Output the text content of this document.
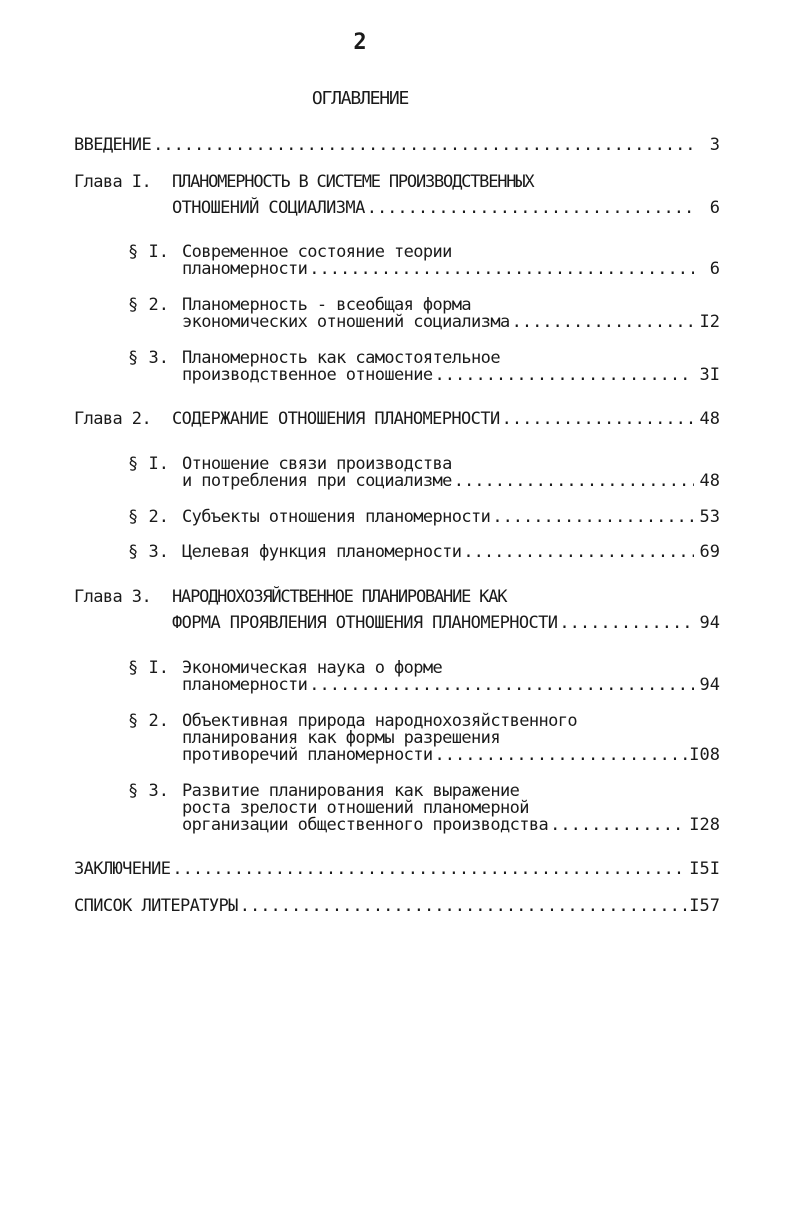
2
ОГЛАВЛЕНИЕ
ВВЕДЕНИЕ .....	3
Глава I. ПЛАНОМЕРНОСТЬ В СИСТЕМЕ ПРОИЗВОДСТВЕННЫХ
ОТНОШЕНИЙ СОЦИАЛИЗМА .....	6
§ I. Современное состояние теории
планомерности .....	6
§ 2. Планомерность - всеобщая форма
экономических отношений социализма .....	I2
§ 3. Планомерность как самостоятельное
производственное отношение .....	3I
Глава 2. СОДЕРЖАНИЕ ОТНОШЕНИЯ ПЛАНОМЕРНОСТИ .....	48
§ I. Отношение связи производства
и потребления при социализме .....	48
§ 2. Субъекты отношения планомерности .....	53
§ 3. Целевая функция планомерности .....	69
Глава 3. НАРОДНОХОЗЯЙСТВЕННОЕ ПЛАНИРОВАНИЕ КАК
ФОРМА ПРОЯВЛЕНИЯ ОТНОШЕНИЯ ПЛАНОМЕРНОСТИ .....	94
§ I. Экономическая наука о форме
планомерности .....	94
§ 2. Объективная природа народнохозяйственного
планирования как формы разрешения
противоречий планомерности .....	I08
§ 3. Развитие планирования как выражение
роста зрелости отношений планомерной
организации общественного производства .....	I28
ЗАКЛЮЧЕНИЕ .....	I5I
СПИСОК ЛИТЕРАТУРЫ .....	I57
